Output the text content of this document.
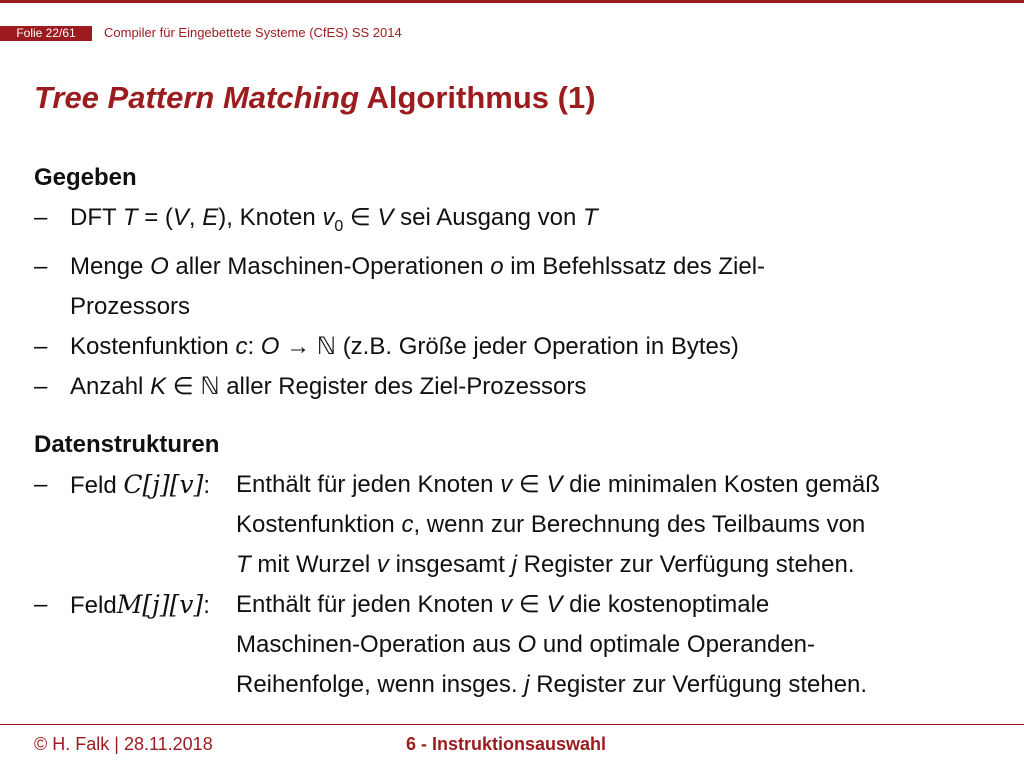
Folie 22/61	Compiler für Eingebettete Systeme (CfES) SS 2014
Tree Pattern Matching Algorithmus (1)
Gegeben
– DFT T = (V, E), Knoten $v_0$ ∈ V sei Ausgang von T
– Menge O aller Maschinen-Operationen o im Befehlssatz des Ziel-
Prozessors
– Kostenfunktion c: O → ℕ (z.B. Größe jeder Operation in Bytes)
– Anzahl K ∈ ℕ aller Register des Ziel-Prozessors
Datenstrukturen
– Feld C[j][v]: Enthält für jeden Knoten v ∈ V die minimalen Kosten gemäß
Kostenfunktion c, wenn zur Berechnung des Teilbaums von
T mit Wurzel v insgesamt j Register zur Verfügung stehen.
– FeldM[j][v]: Enthält für jeden Knoten v ∈ V die kostenoptimale
Maschinen-Operation aus O und optimale Operanden-
Reihenfolge, wenn insges. j Register zur Verfügung stehen.
© H. Falk | 28.11.2018	6 - Instruktionsauswahl
